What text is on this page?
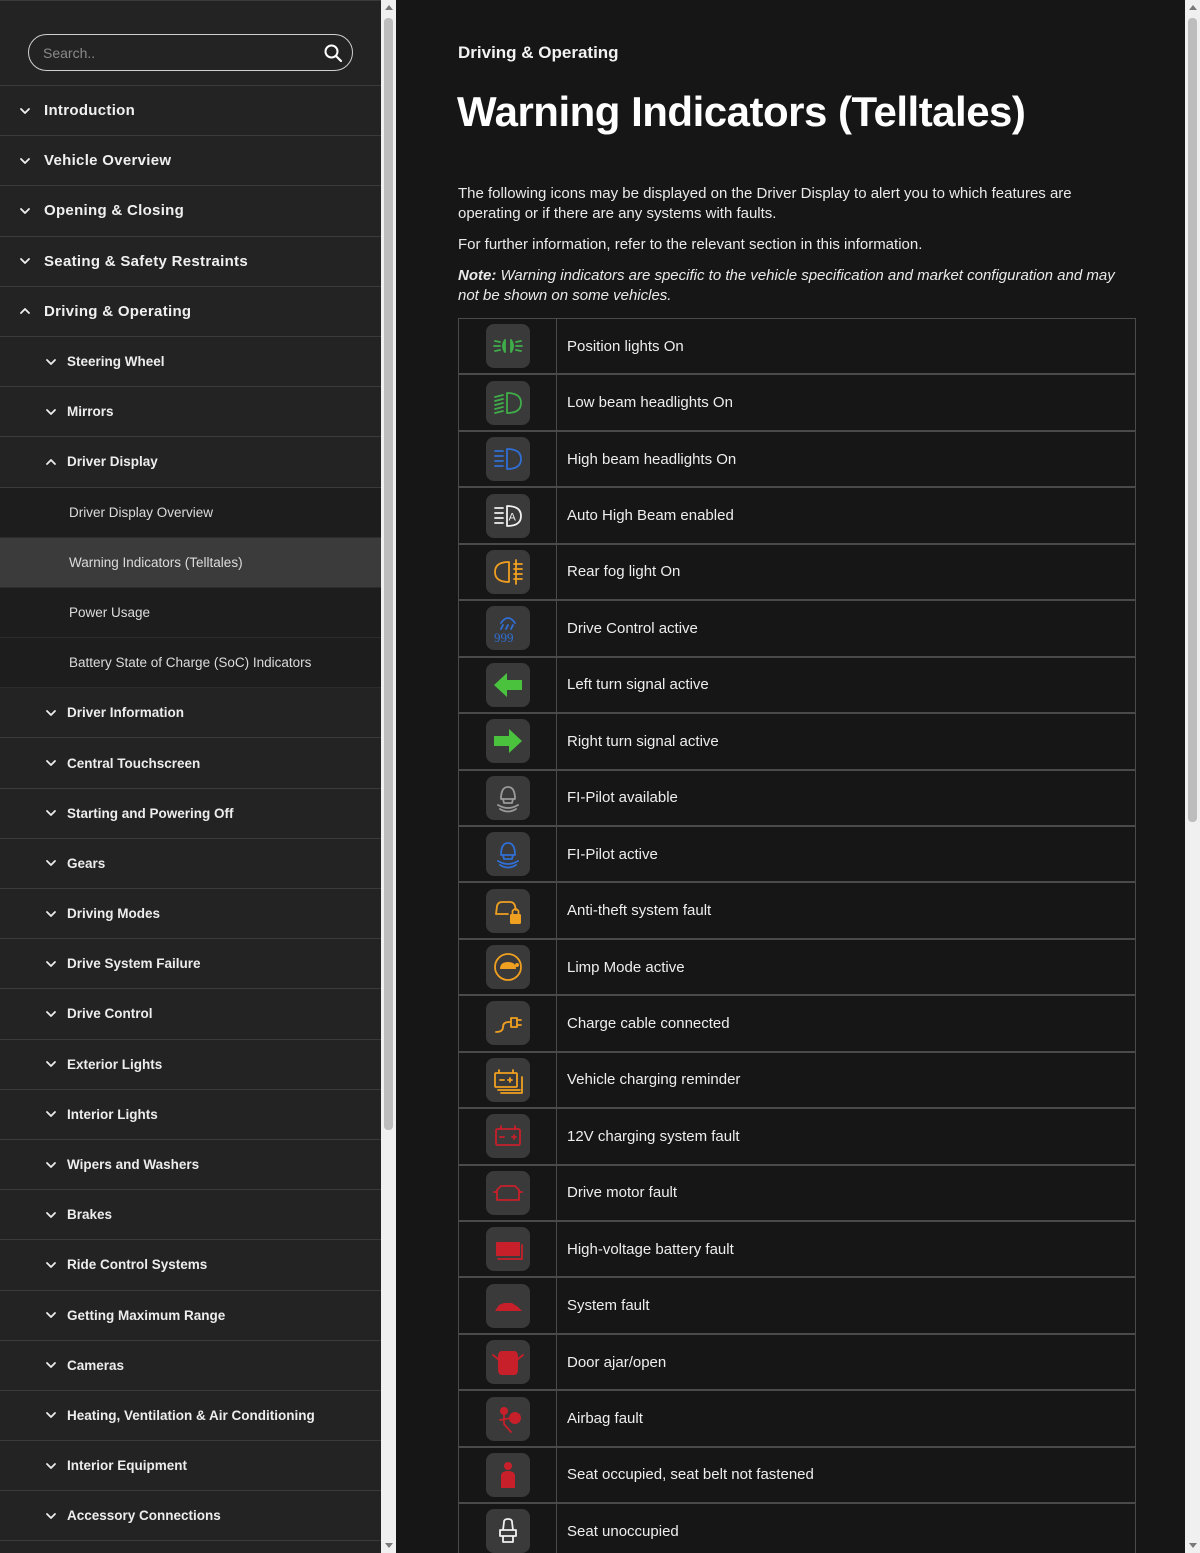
Search..
Introduction
Vehicle Overview
Opening & Closing
Seating & Safety Restraints
Driving & Operating
Steering Wheel
Mirrors
Driver Display
Driver Display Overview
Warning Indicators (Telltales)
Power Usage
Battery State of Charge (SoC) Indicators
Driver Information
Central Touchscreen
Starting and Powering Off
Gears
Driving Modes
Drive System Failure
Drive Control
Exterior Lights
Interior Lights
Wipers and Washers
Brakes
Ride Control Systems
Getting Maximum Range
Cameras
Heating, Ventilation & Air Conditioning
Interior Equipment
Accessory Connections
Driving & Operating
Warning Indicators (Telltales)

The following icons may be displayed on the Driver Display to alert you to which features are operating or if there are any systems with faults.

For further information, refer to the relevant section in this information.

Note: Warning indicators are specific to the vehicle specification and market configuration and may not be shown on some vehicles.

Position lights On
Low beam headlights On
High beam headlights On
A	Auto High Beam enabled
Rear fog light On
999
Drive Control active
Left turn signal active
Right turn signal active
FI-Pilot available
FI-Pilot active
Anti-theft system fault
Limp Mode active
Charge cable connected
Vehicle charging reminder
12V charging system fault
Drive motor fault
High-voltage battery fault
System fault
Door ajar/open
Airbag fault
Seat occupied, seat belt not fastened
Seat unoccupied
